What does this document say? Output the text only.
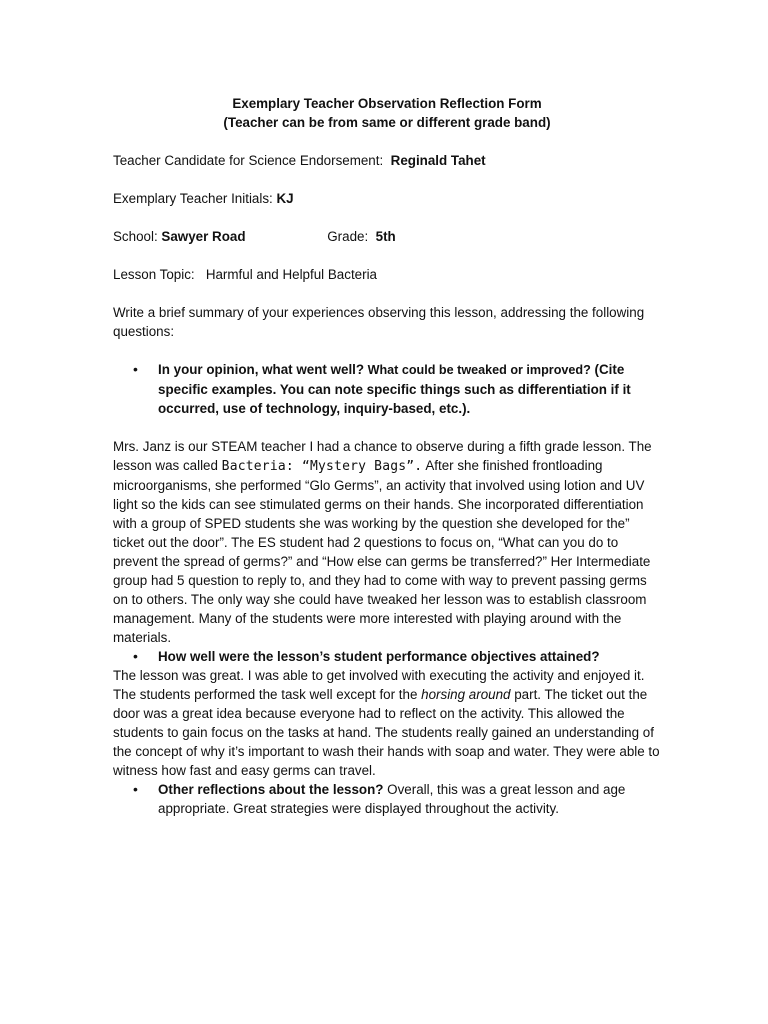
Exemplary Teacher Observation Reflection Form
(Teacher can be from same or different grade band)

Teacher Candidate for Science Endorsement: Reginald Tahet

Exemplary Teacher Initials: KJ

School: Sawyer Road	Grade: 5th

Lesson Topic: Harmful and Helpful Bacteria

Write a brief summary of your experiences observing this lesson, addressing the following questions:

• In your opinion, what went well? What could be tweaked or improved? (Cite specific examples. You can note specific things such as differentiation if it occurred, use of technology, inquiry-based, etc.).

Mrs. Janz is our STEAM teacher I had a chance to observe during a fifth grade lesson. The lesson was called Bacteria: “Mystery Bags”. After she finished frontloading microorganisms, she performed “Glo Germs”, an activity that involved using lotion and UV light so the kids can see stimulated germs on their hands. She incorporated differentiation with a group of SPED students she was working by the question she developed for the” ticket out the door”. The ES student had 2 questions to focus on, “What can you do to prevent the spread of germs?” and “How else can germs be transferred?” Her Intermediate group had 5 question to reply to, and they had to come with way to prevent passing germs on to others. The only way she could have tweaked her lesson was to establish classroom management. Many of the students were more interested with playing around with the materials.

• How well were the lesson’s student performance objectives attained?

The lesson was great. I was able to get involved with executing the activity and enjoyed it. The students performed the task well except for the horsing around part. The ticket out the door was a great idea because everyone had to reflect on the activity. This allowed the students to gain focus on the tasks at hand. The students really gained an understanding of the concept of why it’s important to wash their hands with soap and water. They were able to witness how fast and easy germs can travel.

• Other reflections about the lesson? Overall, this was a great lesson and age appropriate. Great strategies were displayed throughout the activity.
